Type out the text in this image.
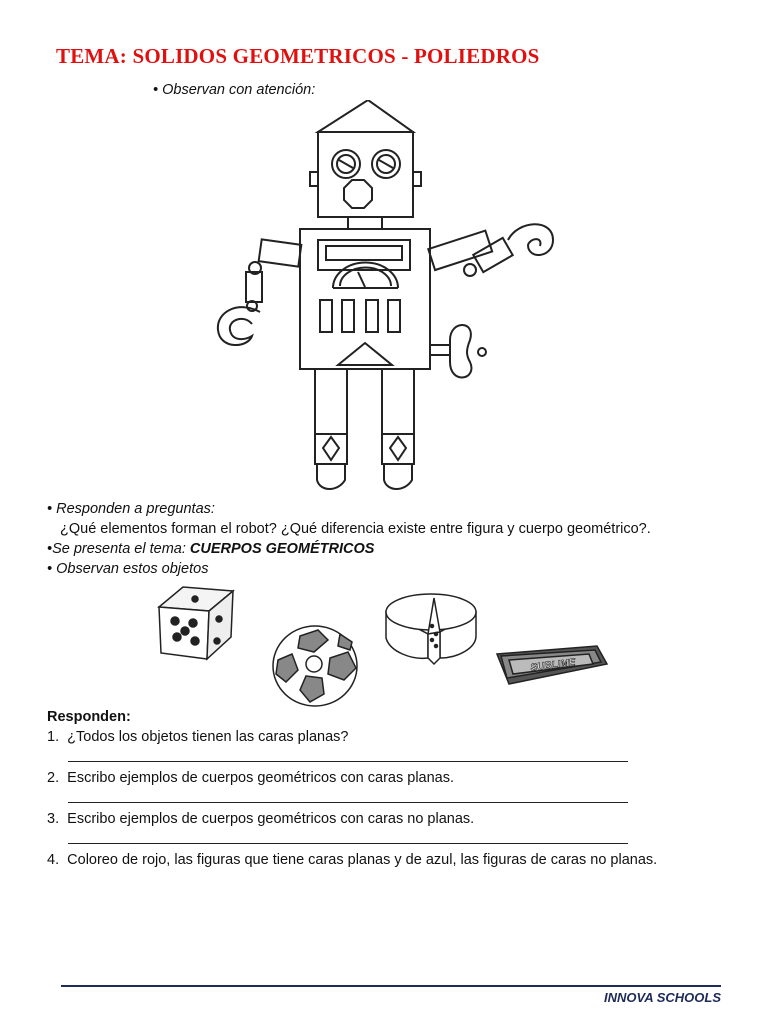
TEMA: SOLIDOS GEOMETRICOS - POLIEDROS
• Observan con atención:
• Responden a preguntas:
¿Qué elementos forman el robot? ¿Qué diferencia existe entre figura y cuerpo geométrico?.
•Se presenta el tema: CUERPOS GEOMÉTRICOS
• Observan estos objetos
SUBLIME
Responden:
1. ¿Todos los objetos tienen las caras planas?
2. Escribo ejemplos de cuerpos geométricos con caras planas.
3. Escribo ejemplos de cuerpos geométricos con caras no planas.
4. Coloreo de rojo, las figuras que tiene caras planas y de azul, las figuras de caras no planas.
INNOVA SCHOOLS
